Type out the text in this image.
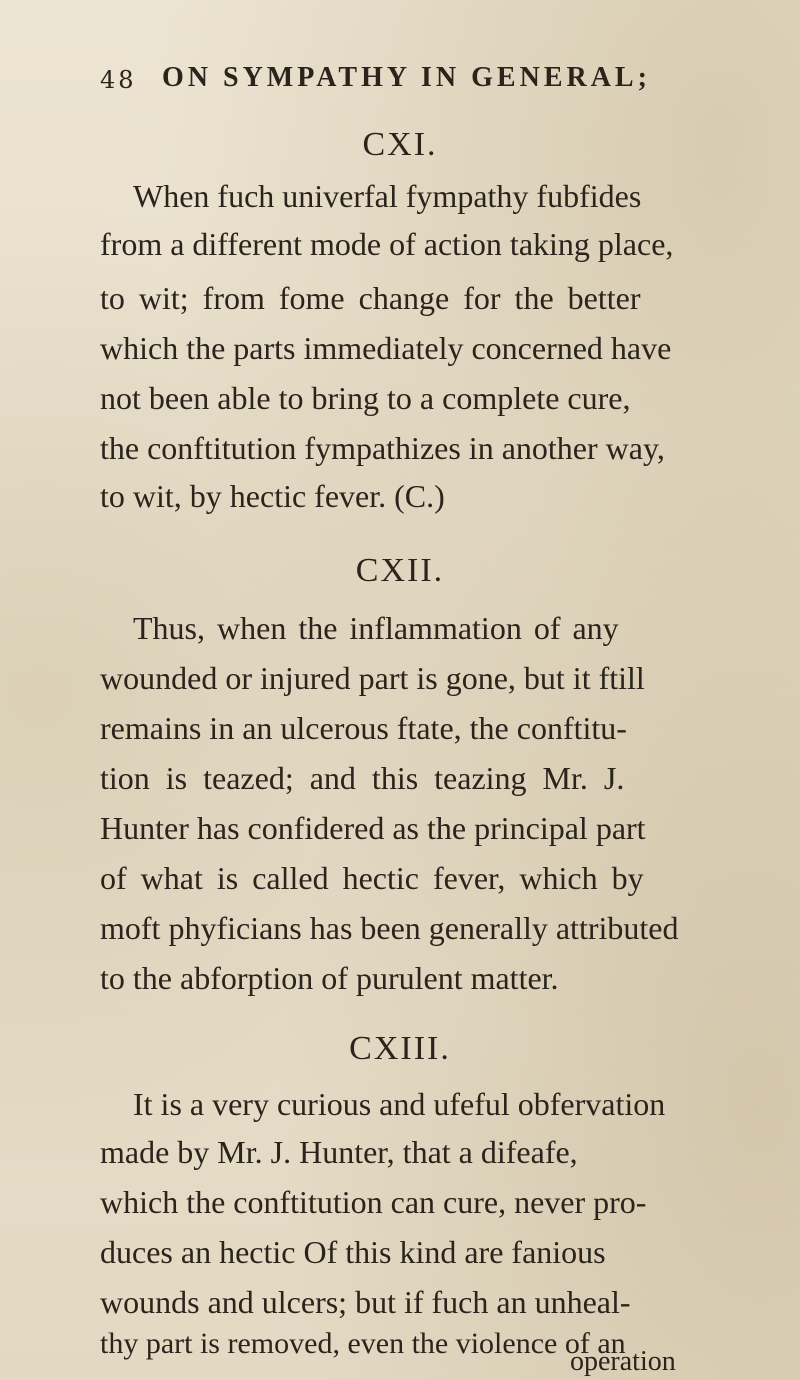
48 ON SYMPATHY IN GENERAL;
CXI.
When fuch univerfal fympathy fubfides
from a different mode of action taking place,
to wit; from fome change for the better
which the parts immediately concerned have
not been able to bring to a complete cure,
the conftitution fympathizes in another way,
to wit, by hectic fever. (C.)
CXII.
Thus, when the inflammation of any
wounded or injured part is gone, but it ftill
remains in an ulcerous ftate, the conftitu-
tion is teazed; and this teazing Mr. J.
Hunter has confidered as the principal part
of what is called hectic fever, which by
moft phyficians has been generally attributed
to the abforption of purulent matter.
CXIII.
It is a very curious and ufeful obfervation
made by Mr. J. Hunter, that a difeafe,
which the conftitution can cure, never pro-
duces an hectic Of this kind are fanious
wounds and ulcers; but if fuch an unheal-
thy part is removed, even the violence of an
operation
